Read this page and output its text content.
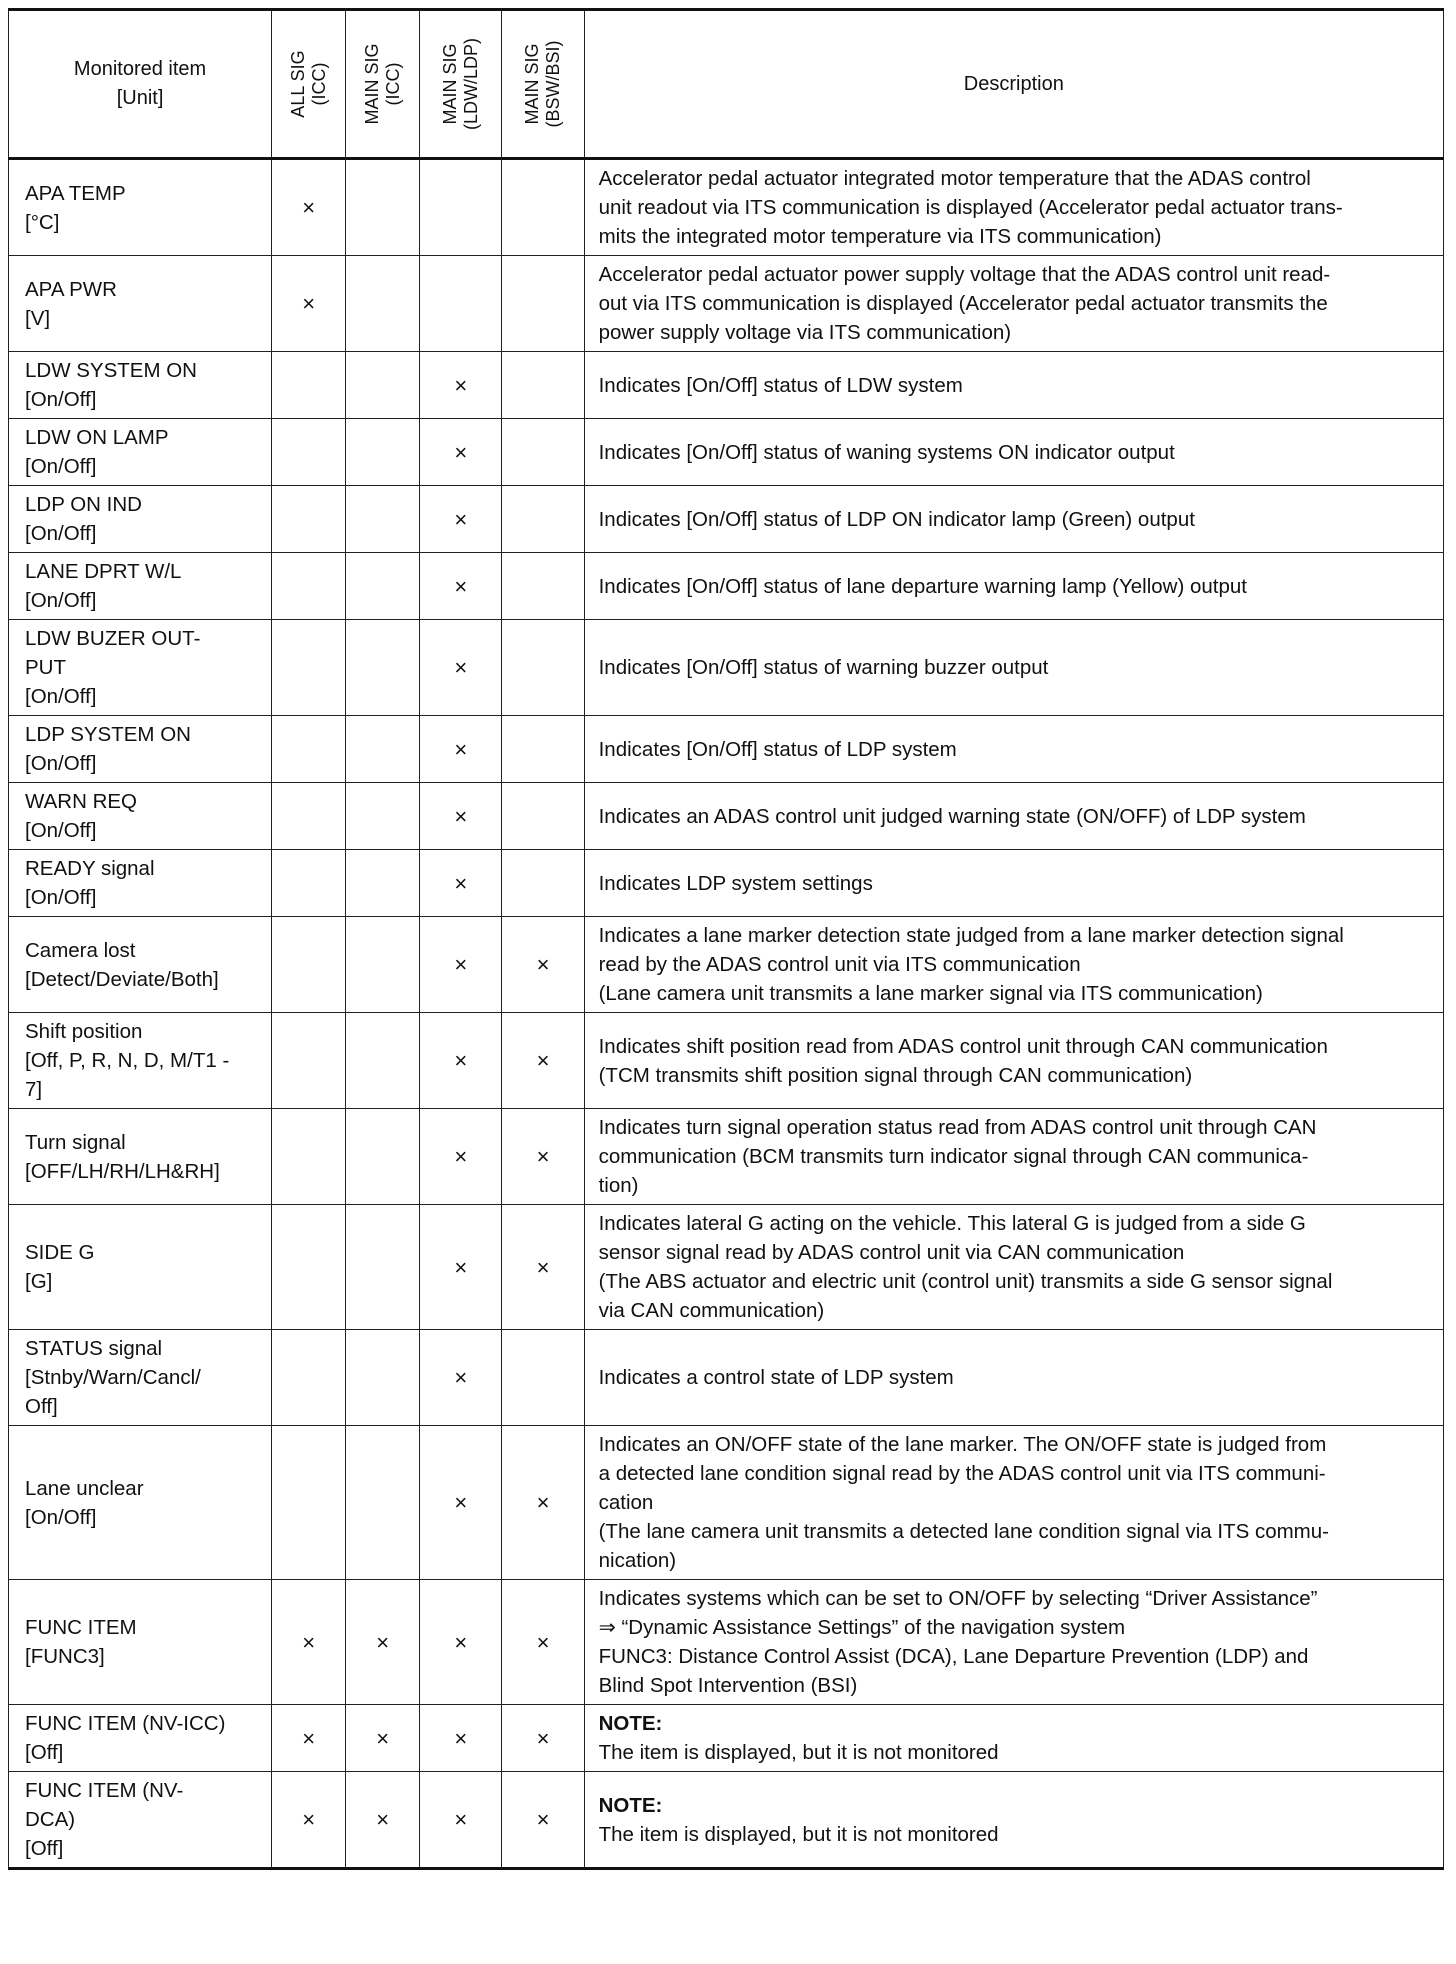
Monitored item
[Unit]	ALL SIG (ICC)	MAIN SIG (ICC)	MAIN SIG (LDW/LDP)	MAIN SIG (BSW/BSI)	Description

APA TEMP
[°C]	×				Accelerator pedal actuator integrated motor temperature that the ADAS control
unit readout via ITS communication is displayed (Accelerator pedal actuator trans-
mits the integrated motor temperature via ITS communication)

APA PWR
[V]	×				Accelerator pedal actuator power supply voltage that the ADAS control unit read-
out via ITS communication is displayed (Accelerator pedal actuator transmits the
power supply voltage via ITS communication)

LDW SYSTEM ON
[On/Off]			×		Indicates [On/Off] status of LDW system

LDW ON LAMP
[On/Off]			×		Indicates [On/Off] status of waning systems ON indicator output

LDP ON IND
[On/Off]			×		Indicates [On/Off] status of LDP ON indicator lamp (Green) output

LANE DPRT W/L
[On/Off]			×		Indicates [On/Off] status of lane departure warning lamp (Yellow) output

LDW BUZER OUT-
PUT
[On/Off]			×		Indicates [On/Off] status of warning buzzer output

LDP SYSTEM ON
[On/Off]			×		Indicates [On/Off] status of LDP system

WARN REQ
[On/Off]			×		Indicates an ADAS control unit judged warning state (ON/OFF) of LDP system

READY signal
[On/Off]			×		Indicates LDP system settings

Camera lost
[Detect/Deviate/Both]			×	×	Indicates a lane marker detection state judged from a lane marker detection signal
read by the ADAS control unit via ITS communication
(Lane camera unit transmits a lane marker signal via ITS communication)

Shift position
[Off, P, R, N, D, M/T1 -
7]			×	×	Indicates shift position read from ADAS control unit through CAN communication
(TCM transmits shift position signal through CAN communication)

Turn signal
[OFF/LH/RH/LH&RH]			×	×	Indicates turn signal operation status read from ADAS control unit through CAN
communication (BCM transmits turn indicator signal through CAN communica-
tion)

SIDE G
[G]			×	×	Indicates lateral G acting on the vehicle. This lateral G is judged from a side G
sensor signal read by ADAS control unit via CAN communication
(The ABS actuator and electric unit (control unit) transmits a side G sensor signal
via CAN communication)

STATUS signal
[Stnby/Warn/Cancl/
Off]			×		Indicates a control state of LDP system

Lane unclear
[On/Off]			×	×	Indicates an ON/OFF state of the lane marker. The ON/OFF state is judged from
a detected lane condition signal read by the ADAS control unit via ITS communi-
cation
(The lane camera unit transmits a detected lane condition signal via ITS commu-
nication)

FUNC ITEM
[FUNC3]	×	×	×	×	Indicates systems which can be set to ON/OFF by selecting “Driver Assistance”
⇒ “Dynamic Assistance Settings” of the navigation system
FUNC3: Distance Control Assist (DCA), Lane Departure Prevention (LDP) and
Blind Spot Intervention (BSI)

FUNC ITEM (NV-ICC)
[Off]	×	×	×	×	NOTE:
The item is displayed, but it is not monitored

FUNC ITEM (NV-
DCA)
[Off]	×	×	×	×	NOTE:
The item is displayed, but it is not monitored
